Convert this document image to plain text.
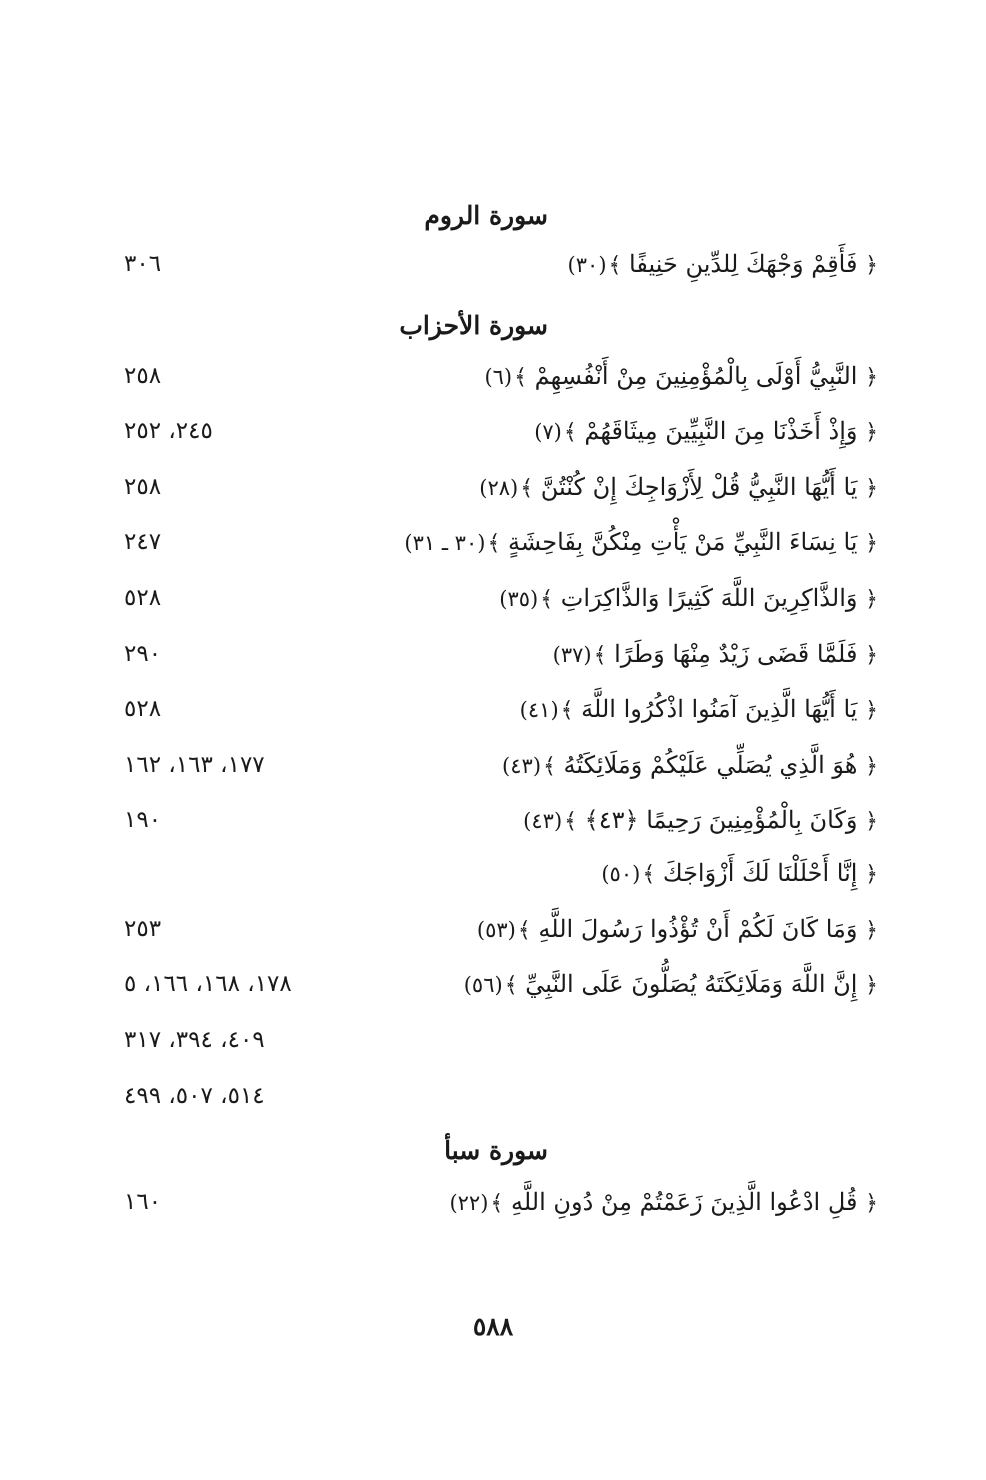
سورة الروم
﴿ فَأَقِمْ وَجْهَكَ لِلدِّينِ حَنِيفًا ﴾(٣٠)
٣٠٦
سورة الأحزاب
﴿ النَّبِيُّ أَوْلَى بِالْمُؤْمِنِينَ مِنْ أَنْفُسِهِمْ ﴾(٦)
٢٥٨
﴿ وَإِذْ أَخَذْنَا مِنَ النَّبِيِّينَ مِيثَاقَهُمْ ﴾(٧)
٢٤٥، ٢٥٢
﴿ يَا أَيُّهَا النَّبِيُّ قُلْ لِأَزْوَاجِكَ إِنْ كُنْتُنَّ ﴾(٢٨)
٢٥٨
﴿ يَا نِسَاءَ النَّبِيِّ مَنْ يَأْتِ مِنْكُنَّ بِفَاحِشَةٍ ﴾(٣٠ ـ ٣١)
٢٤٧
﴿ وَالذَّاكِرِينَ اللَّهَ كَثِيرًا وَالذَّاكِرَاتِ ﴾(٣٥)
٥٢٨
﴿ فَلَمَّا قَضَى زَيْدٌ مِنْهَا وَطَرًا ﴾(٣٧)
٢٩٠
﴿ يَا أَيُّهَا الَّذِينَ آمَنُوا اذْكُرُوا اللَّهَ ﴾(٤١)
٥٢٨
﴿ هُوَ الَّذِي يُصَلِّي عَلَيْكُمْ وَمَلَائِكَتُهُ ﴾(٤٣)
١٧٧، ١٦٣، ١٦٢
﴿ وَكَانَ بِالْمُؤْمِنِينَ رَحِيمًا ﴿٤٣﴾ ﴾(٤٣)
١٩٠
﴿ إِنَّا أَحْلَلْنَا لَكَ أَزْوَاجَكَ ﴾(٥٠)
﴿ وَمَا كَانَ لَكُمْ أَنْ تُؤْذُوا رَسُولَ اللَّهِ ﴾(٥٣)
٢٥٣
﴿ إِنَّ اللَّهَ وَمَلَائِكَتَهُ يُصَلُّونَ عَلَى النَّبِيِّ ﴾(٥٦)
١٧٨، ١٦٨، ١٦٦، ٥
٤٠٩، ٣٩٤، ٣١٧
٥١٤، ٥٠٧، ٤٩٩
سورة سبأ
﴿ قُلِ ادْعُوا الَّذِينَ زَعَمْتُمْ مِنْ دُونِ اللَّهِ ﴾(٢٢)
١٦٠
٥٨٨
